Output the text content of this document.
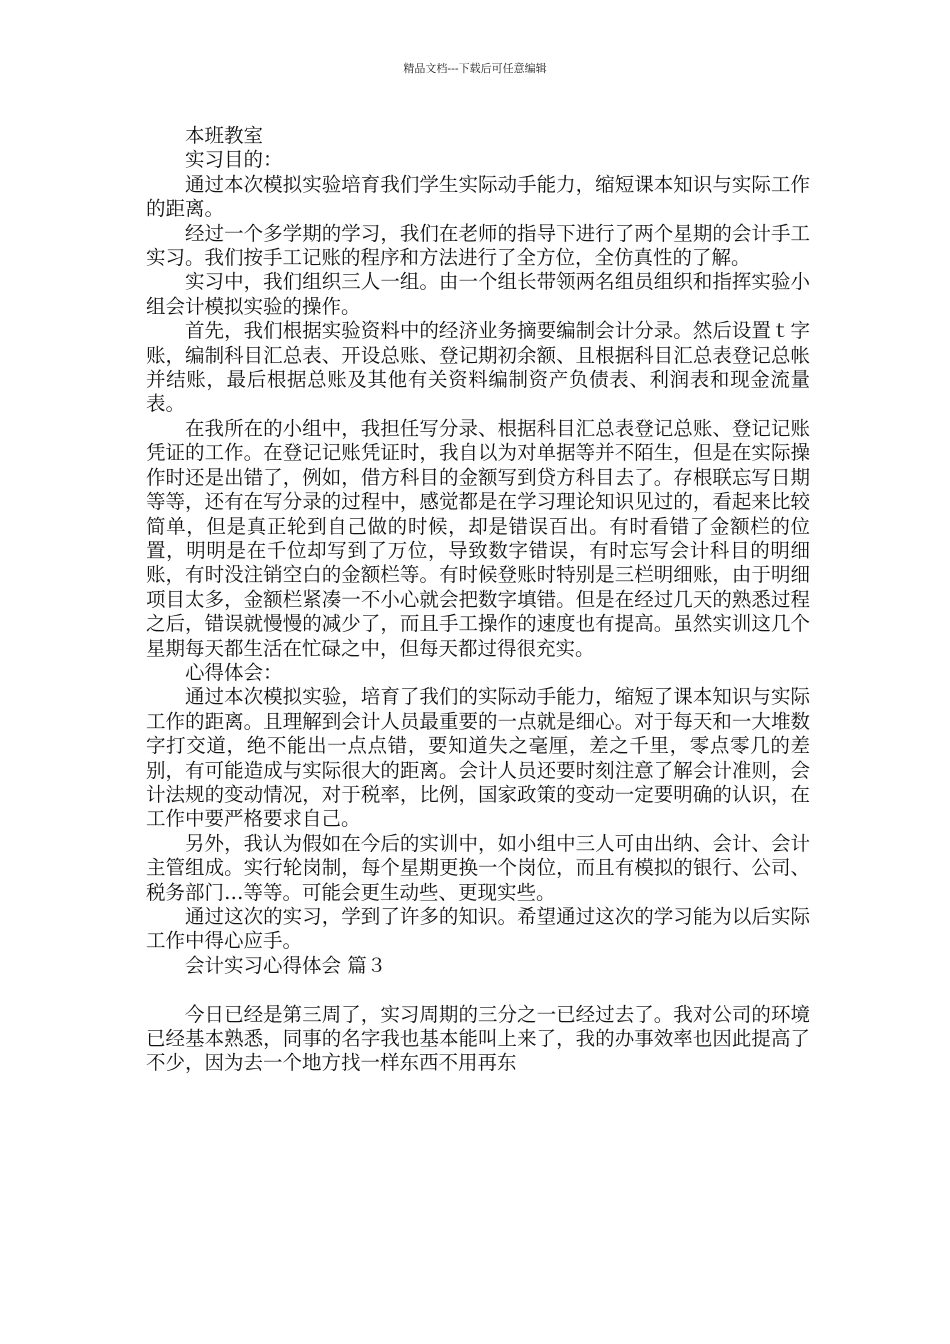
精品文档---下载后可任意编辑

本班教室

实习目的：

通过本次模拟实验培育我们学生实际动手能力，缩短课本知识与实际工作的距离。

经过一个多学期的学习，我们在老师的指导下进行了两个星期的会计手工实习。我们按手工记账的程序和方法进行了全方位，全仿真性的了解。

实习中，我们组织三人一组。由一个组长带领两名组员组织和指挥实验小组会计模拟实验的操作。

首先，我们根据实验资料中的经济业务摘要编制会计分录。然后设置ｔ字账，编制科目汇总表、开设总账、登记期初余额、且根据科目汇总表登记总帐并结账，最后根据总账及其他有关资料编制资产负债表、利润表和现金流量表。

在我所在的小组中，我担任写分录、根据科目汇总表登记总账、登记记账凭证的工作。在登记记账凭证时，我自以为对单据等并不陌生，但是在实际操作时还是出错了，例如，借方科目的金额写到贷方科目去了。存根联忘写日期等等，还有在写分录的过程中，感觉都是在学习理论知识见过的，看起来比较简单，但是真正轮到自己做的时候，却是错误百出。有时看错了金额栏的位置，明明是在千位却写到了万位，导致数字错误，有时忘写会计科目的明细账，有时没注销空白的金额栏等。有时候登账时特别是三栏明细账，由于明细项目太多，金额栏紧凑一不小心就会把数字填错。但是在经过几天的熟悉过程之后，错误就慢慢的减少了，而且手工操作的速度也有提高。虽然实训这几个星期每天都生活在忙碌之中，但每天都过得很充实。

心得体会：

通过本次模拟实验，培育了我们的实际动手能力，缩短了课本知识与实际工作的距离。且理解到会计人员最重要的一点就是细心。对于每天和一大堆数字打交道，绝不能出一点点错，要知道失之毫厘，差之千里，零点零几的差别，有可能造成与实际很大的距离。会计人员还要时刻注意了解会计准则，会计法规的变动情况，对于税率，比例，国家政策的变动一定要明确的认识，在工作中要严格要求自己。

另外，我认为假如在今后的实训中，如小组中三人可由出纳、会计、会计主管组成。实行轮岗制，每个星期更换一个岗位，而且有模拟的银行、公司、税务部门…等等。可能会更生动些、更现实些。

通过这次的实习，学到了许多的知识。希望通过这次的学习能为以后实际工作中得心应手。

会计实习心得体会 篇３

今日已经是第三周了，实习周期的三分之一已经过去了。我对公司的环境已经基本熟悉，同事的名字我也基本能叫上来了，我的办事效率也因此提高了不少，因为去一个地方找一样东西不用再东
